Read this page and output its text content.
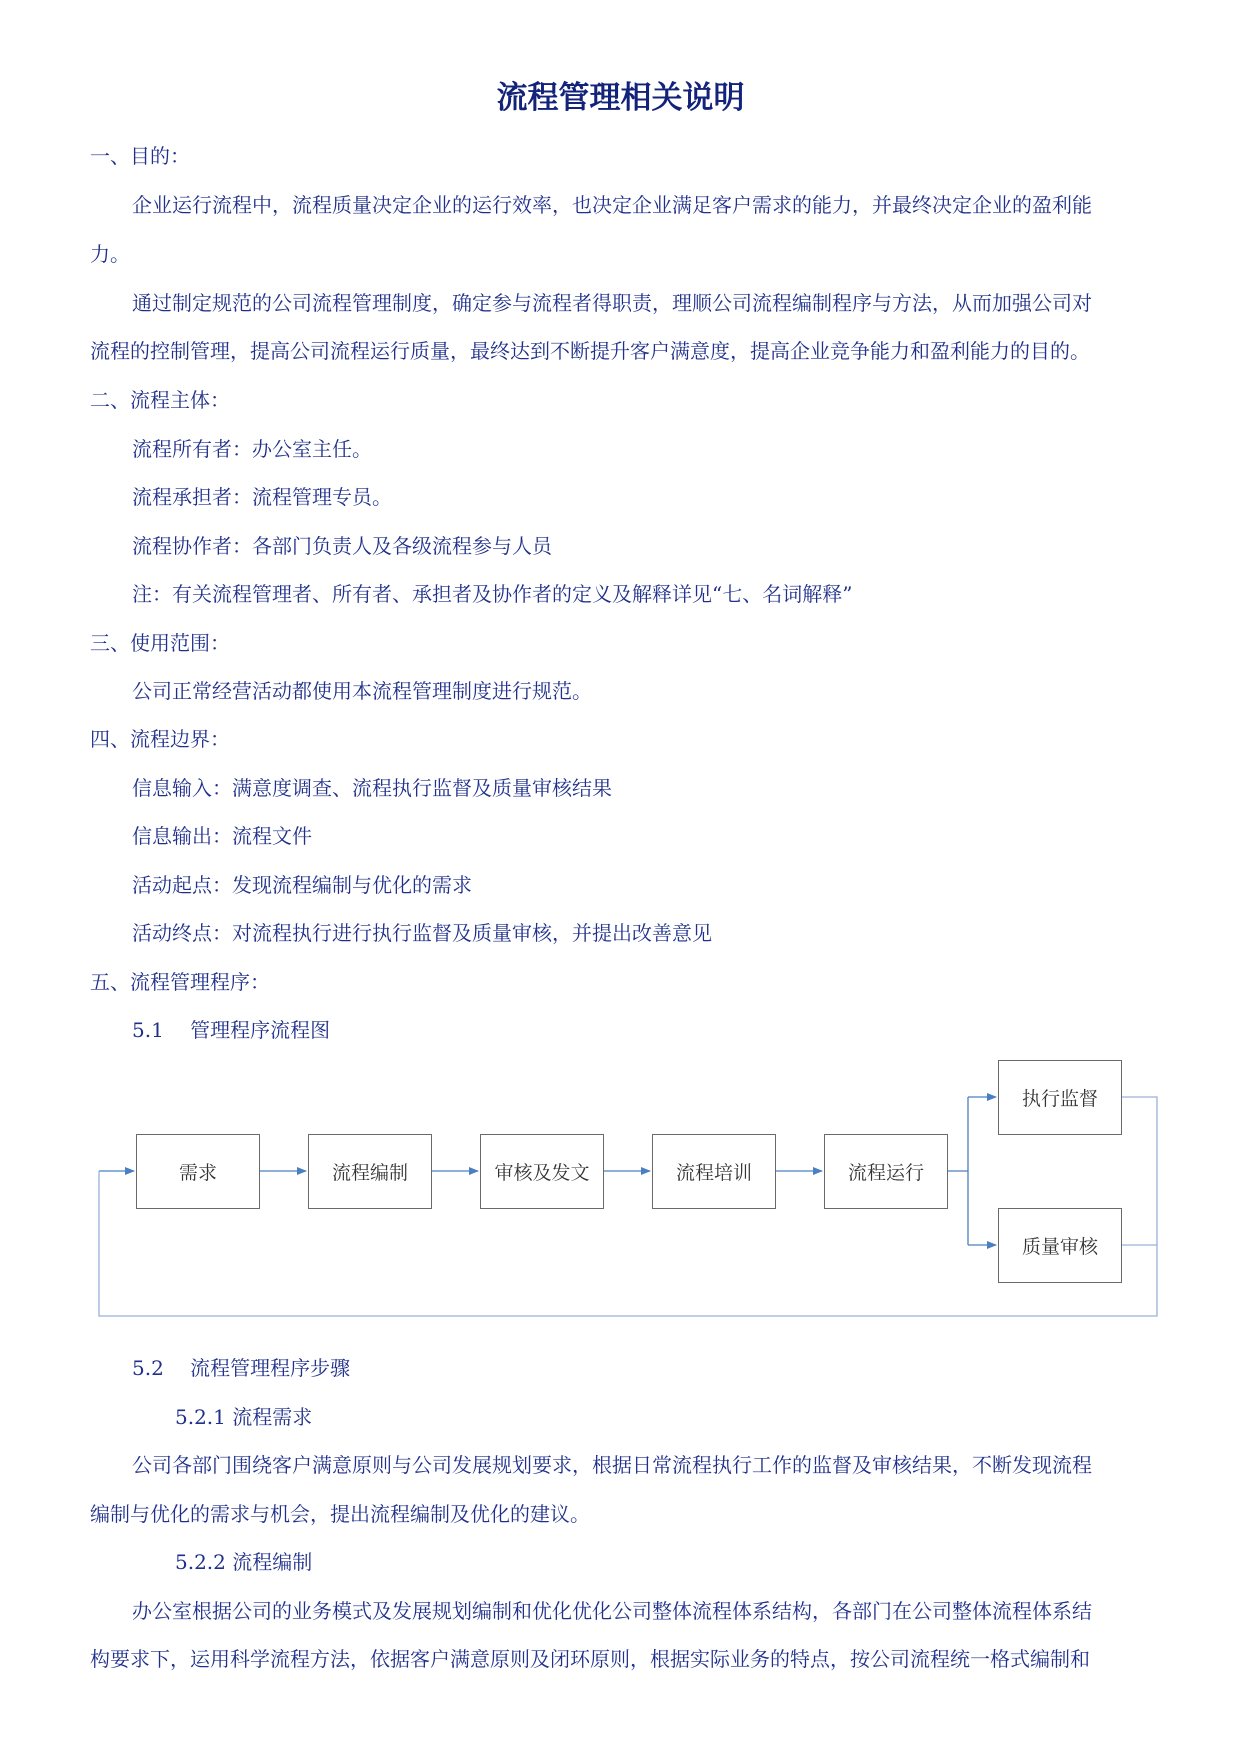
流程管理相关说明
一、目的：
企业运行流程中，流程质量决定企业的运行效率，也决定企业满足客户需求的能力，并最终决定企业的盈利能
力。
通过制定规范的公司流程管理制度，确定参与流程者得职责，理顺公司流程编制程序与方法，从而加强公司对
流程的控制管理，提高公司流程运行质量，最终达到不断提升客户满意度，提高企业竞争能力和盈利能力的目的。
二、流程主体：
流程所有者：办公室主任。
流程承担者：流程管理专员。
流程协作者：各部门负责人及各级流程参与人员
注：有关流程管理者、所有者、承担者及协作者的定义及解释详见“七、名词解释”
三、使用范围：
公司正常经营活动都使用本流程管理制度进行规范。
四、流程边界：
信息输入：满意度调查、流程执行监督及质量审核结果
信息输出：流程文件
活动起点：发现流程编制与优化的需求
活动终点：对流程执行进行执行监督及质量审核，并提出改善意见
五、流程管理程序：
5.1　 管理程序流程图
需求	流程编制	审核及发文	流程培训	流程运行
执行监督
质量审核
5.2　 流程管理程序步骤
5.2.1 流程需求
公司各部门围绕客户满意原则与公司发展规划要求，根据日常流程执行工作的监督及审核结果，不断发现流程
编制与优化的需求与机会，提出流程编制及优化的建议。
5.2.2 流程编制
办公室根据公司的业务模式及发展规划编制和优化优化公司整体流程体系结构，各部门在公司整体流程体系结
构要求下，运用科学流程方法，依据客户满意原则及闭环原则，根据实际业务的特点，按公司流程统一格式编制和
